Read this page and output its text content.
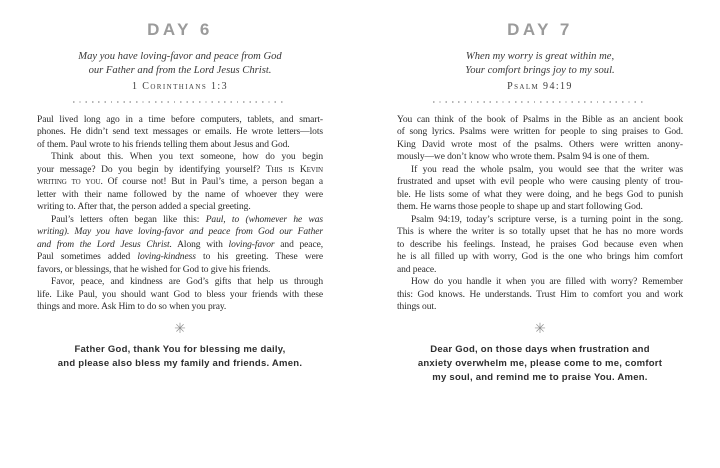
DAY 6
May you have loving-favor and peace from God
our Father and from the Lord Jesus Christ.
1 Corinthians 1:3
Paul lived long ago in a time before computers, tablets, and smart-
phones. He didn’t send text messages or emails. He wrote letters—lots
of them. Paul wrote to his friends telling them about Jesus and God.
Think about this. When you text someone, how do you begin
your message? Do you begin by identifying yourself? This is Kevin
writing to you. Of course not! But in Paul’s time, a person began a
letter with their name followed by the name of whoever they were
writing to. After that, the person added a special greeting.
Paul’s letters often began like this: Paul, to (whomever he was
writing). May you have loving-favor and peace from God our Father
and from the Lord Jesus Christ. Along with loving-favor and peace,
Paul sometimes added loving-kindness to his greeting. These were
favors, or blessings, that he wished for God to give his friends.
Favor, peace, and kindness are God’s gifts that help us through
life. Like Paul, you should want God to bless your friends with these
things and more. Ask Him to do so when you pray.
✳
Father God, thank You for blessing me daily,
and please also bless my family and friends. Amen.
DAY 7
When my worry is great within me,
Your comfort brings joy to my soul.
Psalm 94:19
You can think of the book of Psalms in the Bible as an ancient book
of song lyrics. Psalms were written for people to sing praises to God.
King David wrote most of the psalms. Others were written anony-
mously—we don’t know who wrote them. Psalm 94 is one of them.
If you read the whole psalm, you would see that the writer was
frustrated and upset with evil people who were causing plenty of trou-
ble. He lists some of what they were doing, and he begs God to punish
them. He warns those people to shape up and start following God.
Psalm 94:19, today’s scripture verse, is a turning point in the song.
This is where the writer is so totally upset that he has no more words
to describe his feelings. Instead, he praises God because even when
he is all filled up with worry, God is the one who brings him comfort
and peace.
How do you handle it when you are filled with worry? Remember
this: God knows. He understands. Trust Him to comfort you and work
things out.
✳
Dear God, on those days when frustration and
anxiety overwhelm me, please come to me, comfort
my soul, and remind me to praise You. Amen.
